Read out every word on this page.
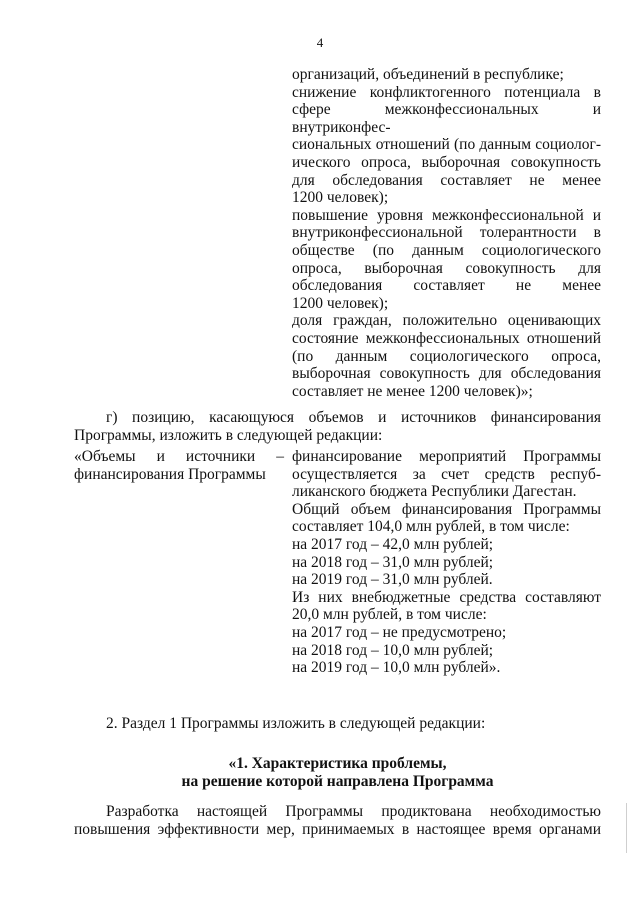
4
организаций, объединений в республике;
снижение конфликтогенного потенциала в
сфере межконфессиональных и внутриконфес-
сиональных отношений (по данным социолог-
ического опроса, выборочная совокупность
для обследования составляет не менее
1200 человек);
повышение уровня межконфессиональной и
внутриконфессиональной толерантности в
обществе (по данным социологического
опроса, выборочная совокупность для
обследования составляет не менее
1200 человек);
доля граждан, положительно оценивающих
состояние межконфессиональных отношений
(по данным социологического опроса,
выборочная совокупность для обследования
составляет не менее 1200 человек)»;
г) позицию, касающуюся объемов и источников финансирования
Программы, изложить в следующей редакции:
«Объемы и источники –
финансирования Программы
финансирование мероприятий Программы
осуществляется за счет средств респуб-
ликанского бюджета Республики Дагестан.
Общий объем финансирования Программы
составляет 104,0 млн рублей, в том числе:
на 2017 год – 42,0 млн рублей;
на 2018 год – 31,0 млн рублей;
на 2019 год – 31,0 млн рублей.
Из них внебюджетные средства составляют
20,0 млн рублей, в том числе:
на 2017 год – не предусмотрено;
на 2018 год – 10,0 млн рублей;
на 2019 год – 10,0 млн рублей».
2. Раздел 1 Программы изложить в следующей редакции:
«1. Характеристика проблемы,
на решение которой направлена Программа
Разработка настоящей Программы продиктована необходимостью
повышения эффективности мер, принимаемых в настоящее время органами
